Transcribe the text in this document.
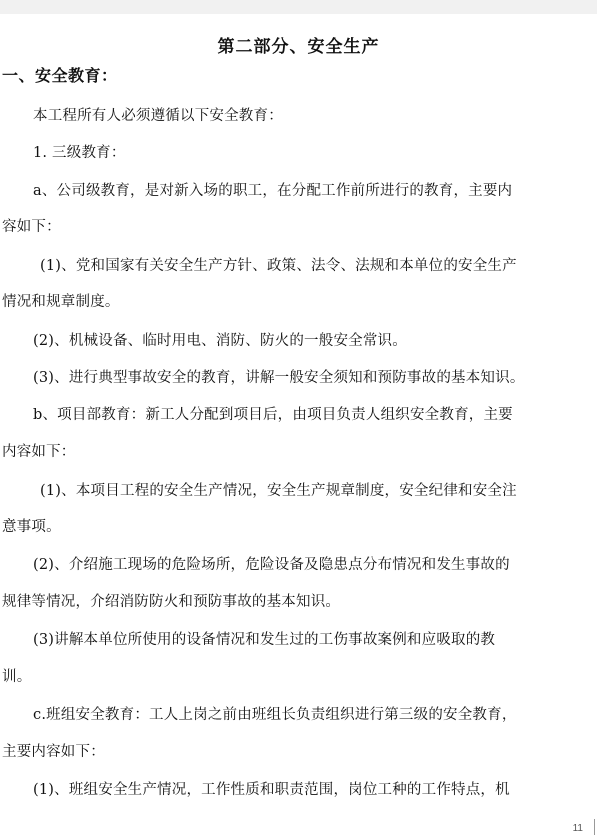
第二部分、安全生产
一、安全教育：
本工程所有人必须遵循以下安全教育：
1. 三级教育：
a、公司级教育，是对新入场的职工，在分配工作前所进行的教育，主要内
容如下：
(1)、党和国家有关安全生产方针、政策、法令、法规和本单位的安全生产
情况和规章制度。
(2)、机械设备、临时用电、消防、防火的一般安全常识。
(3)、进行典型事故安全的教育，讲解一般安全须知和预防事故的基本知识。
b、项目部教育：新工人分配到项目后，由项目负责人组织安全教育，主要
内容如下：
(1)、本项目工程的安全生产情况，安全生产规章制度，安全纪律和安全注
意事项。
(2)、介绍施工现场的危险场所，危险设备及隐患点分布情况和发生事故的
规律等情况，介绍消防防火和预防事故的基本知识。
(3)讲解本单位所使用的设备情况和发生过的工伤事故案例和应吸取的教
训。
c.班组安全教育：工人上岗之前由班组长负责组织进行第三级的安全教育，
主要内容如下：
(1)、班组安全生产情况，工作性质和职责范围，岗位工种的工作特点，机
11
